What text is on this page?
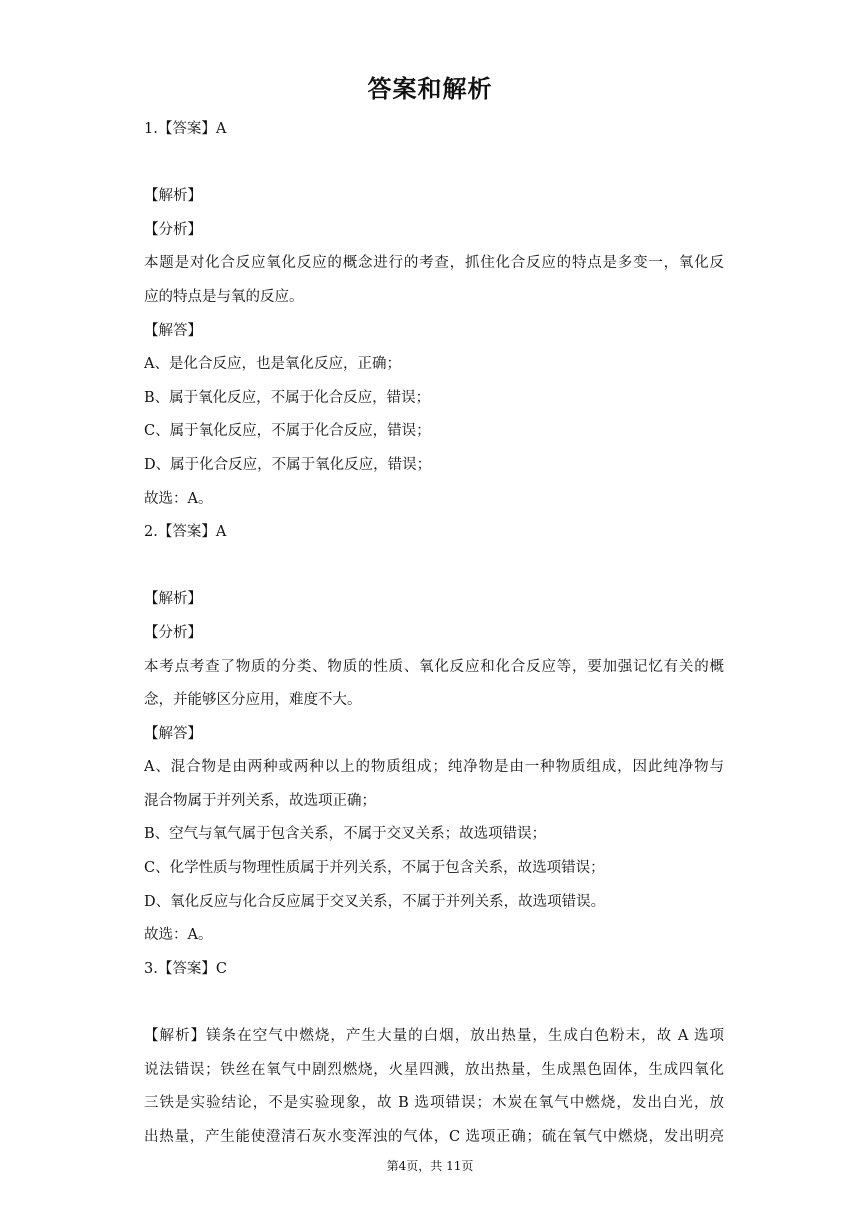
答案和解析
1.【答案】A
【解析】
【分析】
本题是对化合反应氧化反应的概念进行的考查，抓住化合反应的特点是多变一，氧化反
应的特点是与氧的反应。
【解答】
A、是化合反应，也是氧化反应，正确；
B、属于氧化反应，不属于化合反应，错误；
C、属于氧化反应，不属于化合反应，错误；
D、属于化合反应，不属于氧化反应，错误；
故选：A。
2.【答案】A
【解析】
【分析】
本考点考查了物质的分类、物质的性质、氧化反应和化合反应等，要加强记忆有关的概
念，并能够区分应用，难度不大。
【解答】
A、混合物是由两种或两种以上的物质组成；纯净物是由一种物质组成，因此纯净物与
混合物属于并列关系，故选项正确；
B、空气与氧气属于包含关系，不属于交叉关系；故选项错误；
C、化学性质与物理性质属于并列关系，不属于包含关系，故选项错误；
D、氧化反应与化合反应属于交叉关系，不属于并列关系，故选项错误。
故选：A。
3.【答案】C
【解析】镁条在空气中燃烧，产生大量的白烟，放出热量，生成白色粉末，故 A 选项
说法错误；铁丝在氧气中剧烈燃烧，火星四溅，放出热量，生成黑色固体，生成四氧化
三铁是实验结论，不是实验现象，故 B 选项错误；木炭在氧气中燃烧，发出白光，放
出热量，产生能使澄清石灰水变浑浊的气体，C 选项正确；硫在氧气中燃烧，发出明亮
第4页，共 11页
